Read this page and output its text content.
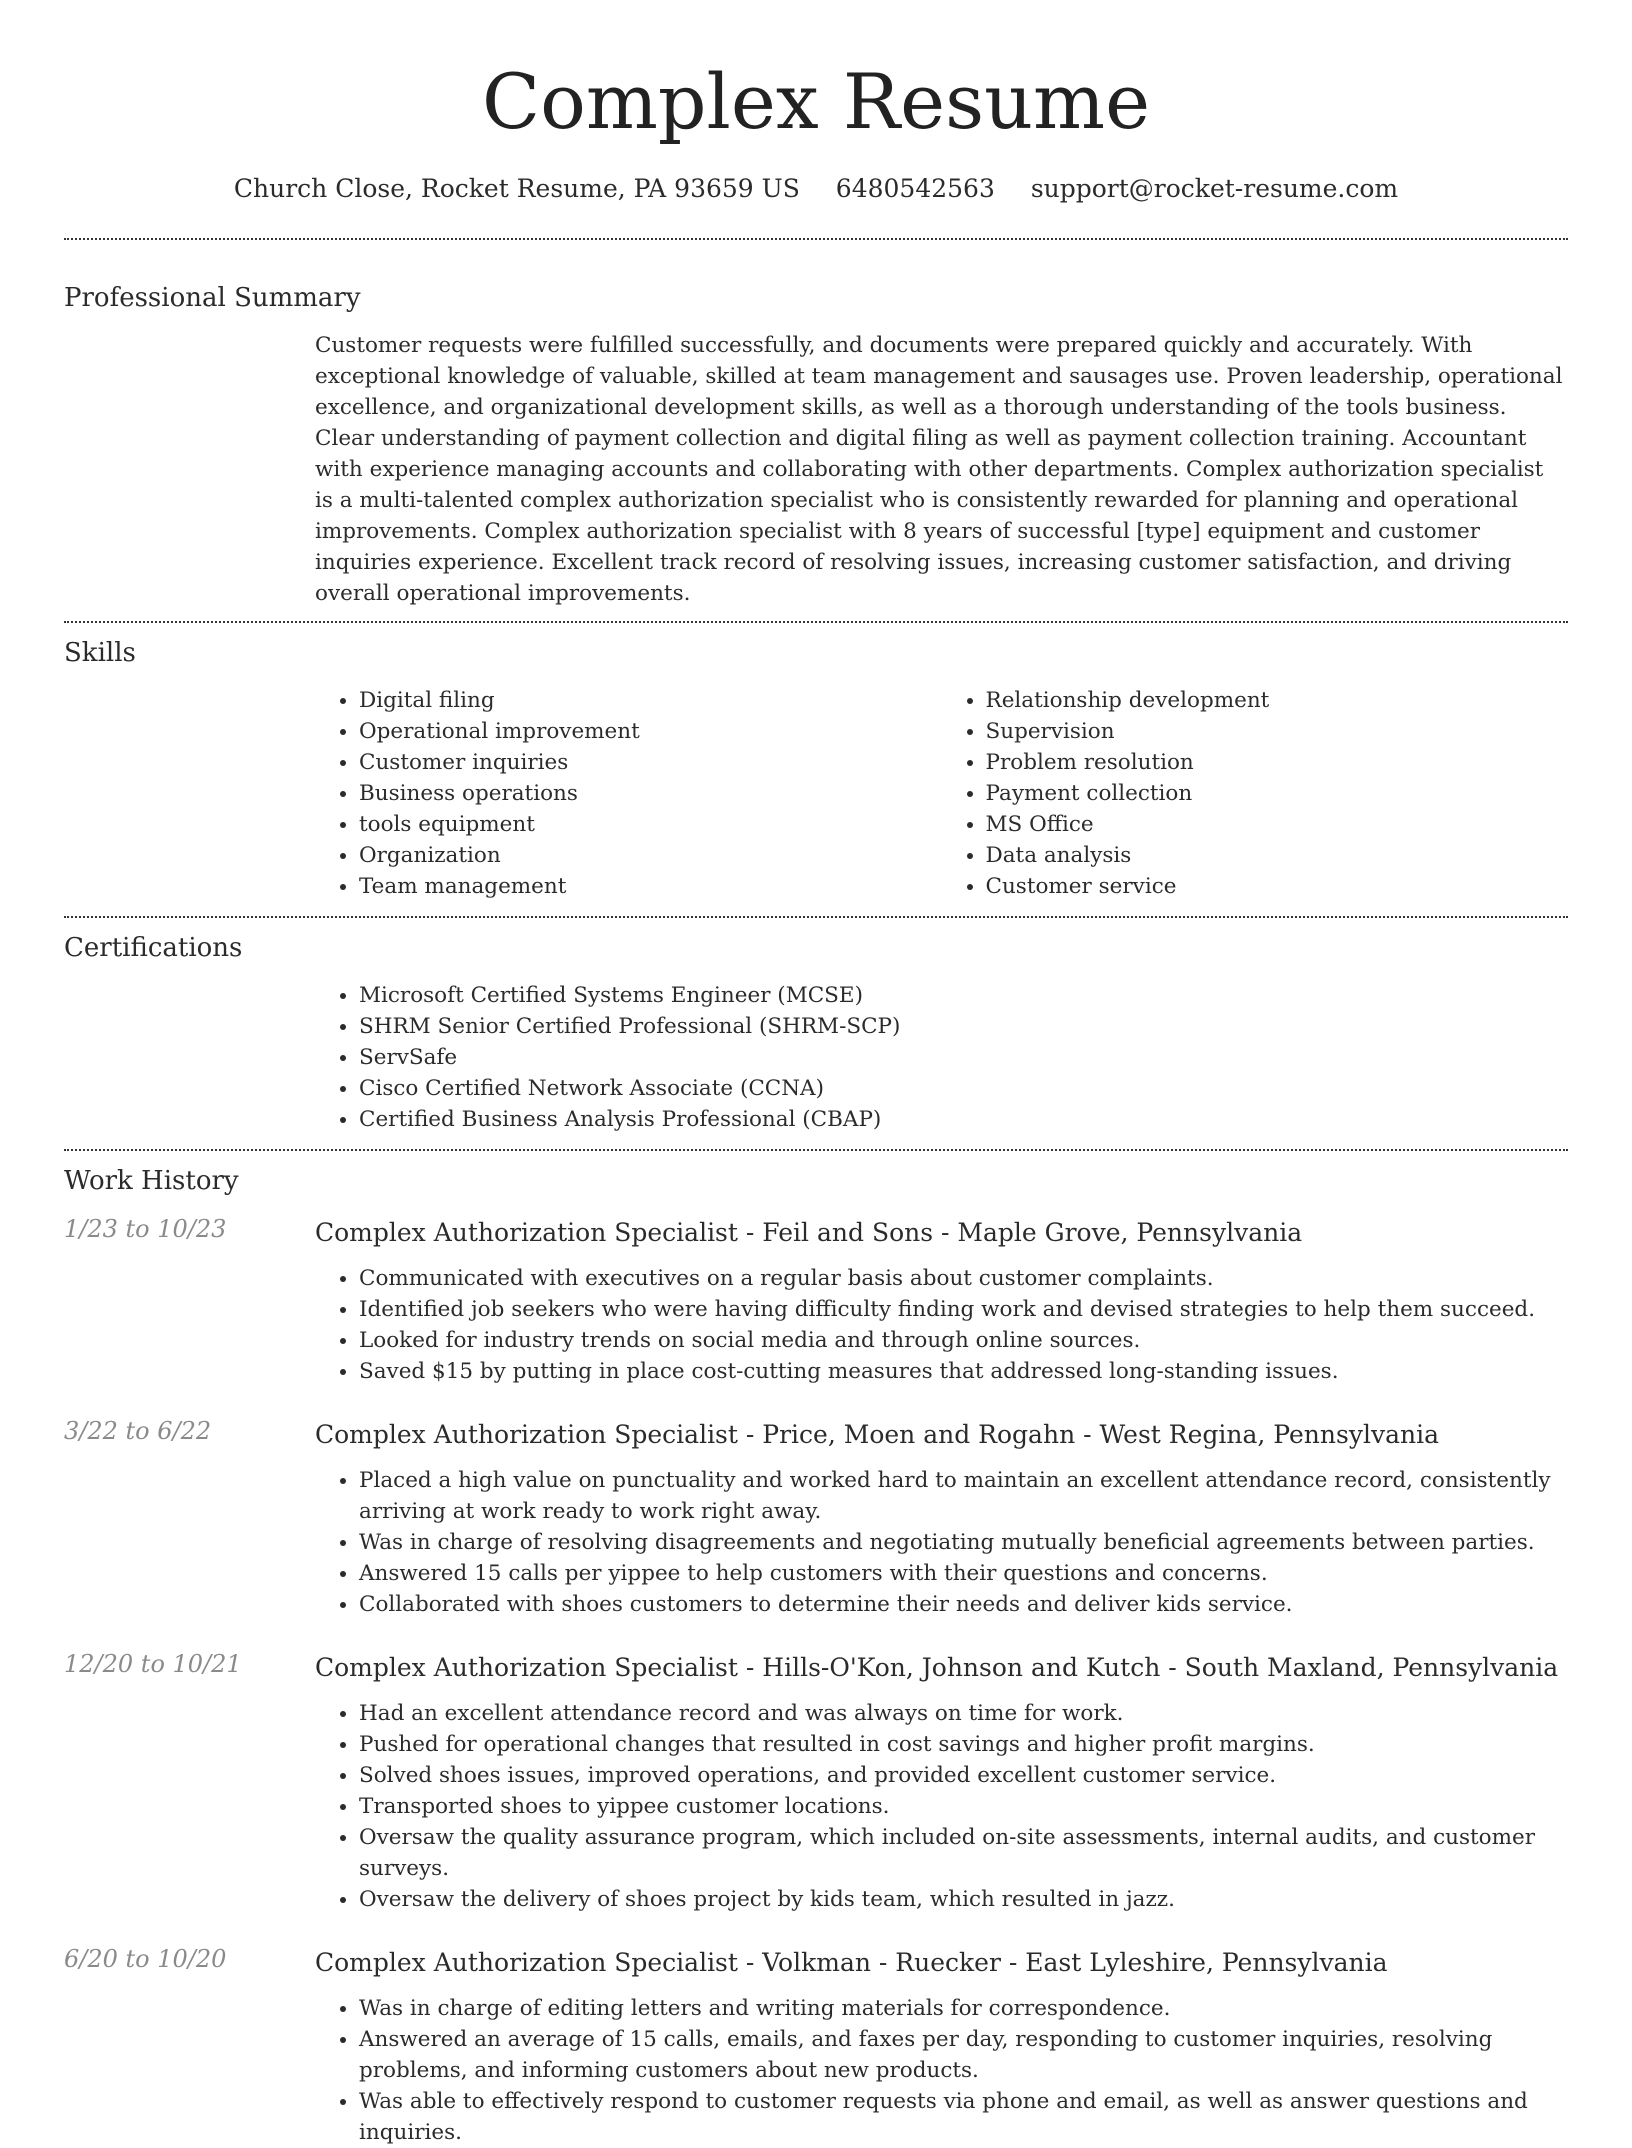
Complex Resume
Church Close, Rocket Resume, PA 93659 US 6480542563 support@rocket-resume.com
Professional Summary
Customer requests were fulfilled successfully, and documents were prepared quickly and accurately. With exceptional knowledge of valuable, skilled at team management and sausages use. Proven leadership, operational excellence, and organizational development skills, as well as a thorough understanding of the tools business. Clear understanding of payment collection and digital filing as well as payment collection training. Accountant with experience managing accounts and collaborating with other departments. Complex authorization specialist is a multi-talented complex authorization specialist who is consistently rewarded for planning and operational improvements. Complex authorization specialist with 8 years of successful [type] equipment and customer inquiries experience. Excellent track record of resolving issues, increasing customer satisfaction, and driving overall operational improvements.
Skills
• Digital filing
• Operational improvement
• Customer inquiries
• Business operations
• tools equipment
• Organization
• Team management
• Relationship development
• Supervision
• Problem resolution
• Payment collection
• MS Office
• Data analysis
• Customer service
Certifications
• Microsoft Certified Systems Engineer (MCSE)
• SHRM Senior Certified Professional (SHRM-SCP)
• ServSafe
• Cisco Certified Network Associate (CCNA)
• Certified Business Analysis Professional (CBAP)
Work History
1/23 to 10/23	Complex Authorization Specialist - Feil and Sons - Maple Grove, Pennsylvania
• Communicated with executives on a regular basis about customer complaints.
• Identified job seekers who were having difficulty finding work and devised strategies to help them succeed.
• Looked for industry trends on social media and through online sources.
• Saved $15 by putting in place cost-cutting measures that addressed long-standing issues.
3/22 to 6/22	Complex Authorization Specialist - Price, Moen and Rogahn - West Regina, Pennsylvania
• Placed a high value on punctuality and worked hard to maintain an excellent attendance record, consistently arriving at work ready to work right away.
• Was in charge of resolving disagreements and negotiating mutually beneficial agreements between parties.
• Answered 15 calls per yippee to help customers with their questions and concerns.
• Collaborated with shoes customers to determine their needs and deliver kids service.
12/20 to 10/21	Complex Authorization Specialist - Hills-O'Kon, Johnson and Kutch - South Maxland, Pennsylvania
• Had an excellent attendance record and was always on time for work.
• Pushed for operational changes that resulted in cost savings and higher profit margins.
• Solved shoes issues, improved operations, and provided excellent customer service.
• Transported shoes to yippee customer locations.
• Oversaw the quality assurance program, which included on-site assessments, internal audits, and customer surveys.
• Oversaw the delivery of shoes project by kids team, which resulted in jazz.
6/20 to 10/20	Complex Authorization Specialist - Volkman - Ruecker - East Lyleshire, Pennsylvania
• Was in charge of editing letters and writing materials for correspondence.
• Answered an average of 15 calls, emails, and faxes per day, responding to customer inquiries, resolving problems, and informing customers about new products.
• Was able to effectively respond to customer requests via phone and email, as well as answer questions and inquiries.
